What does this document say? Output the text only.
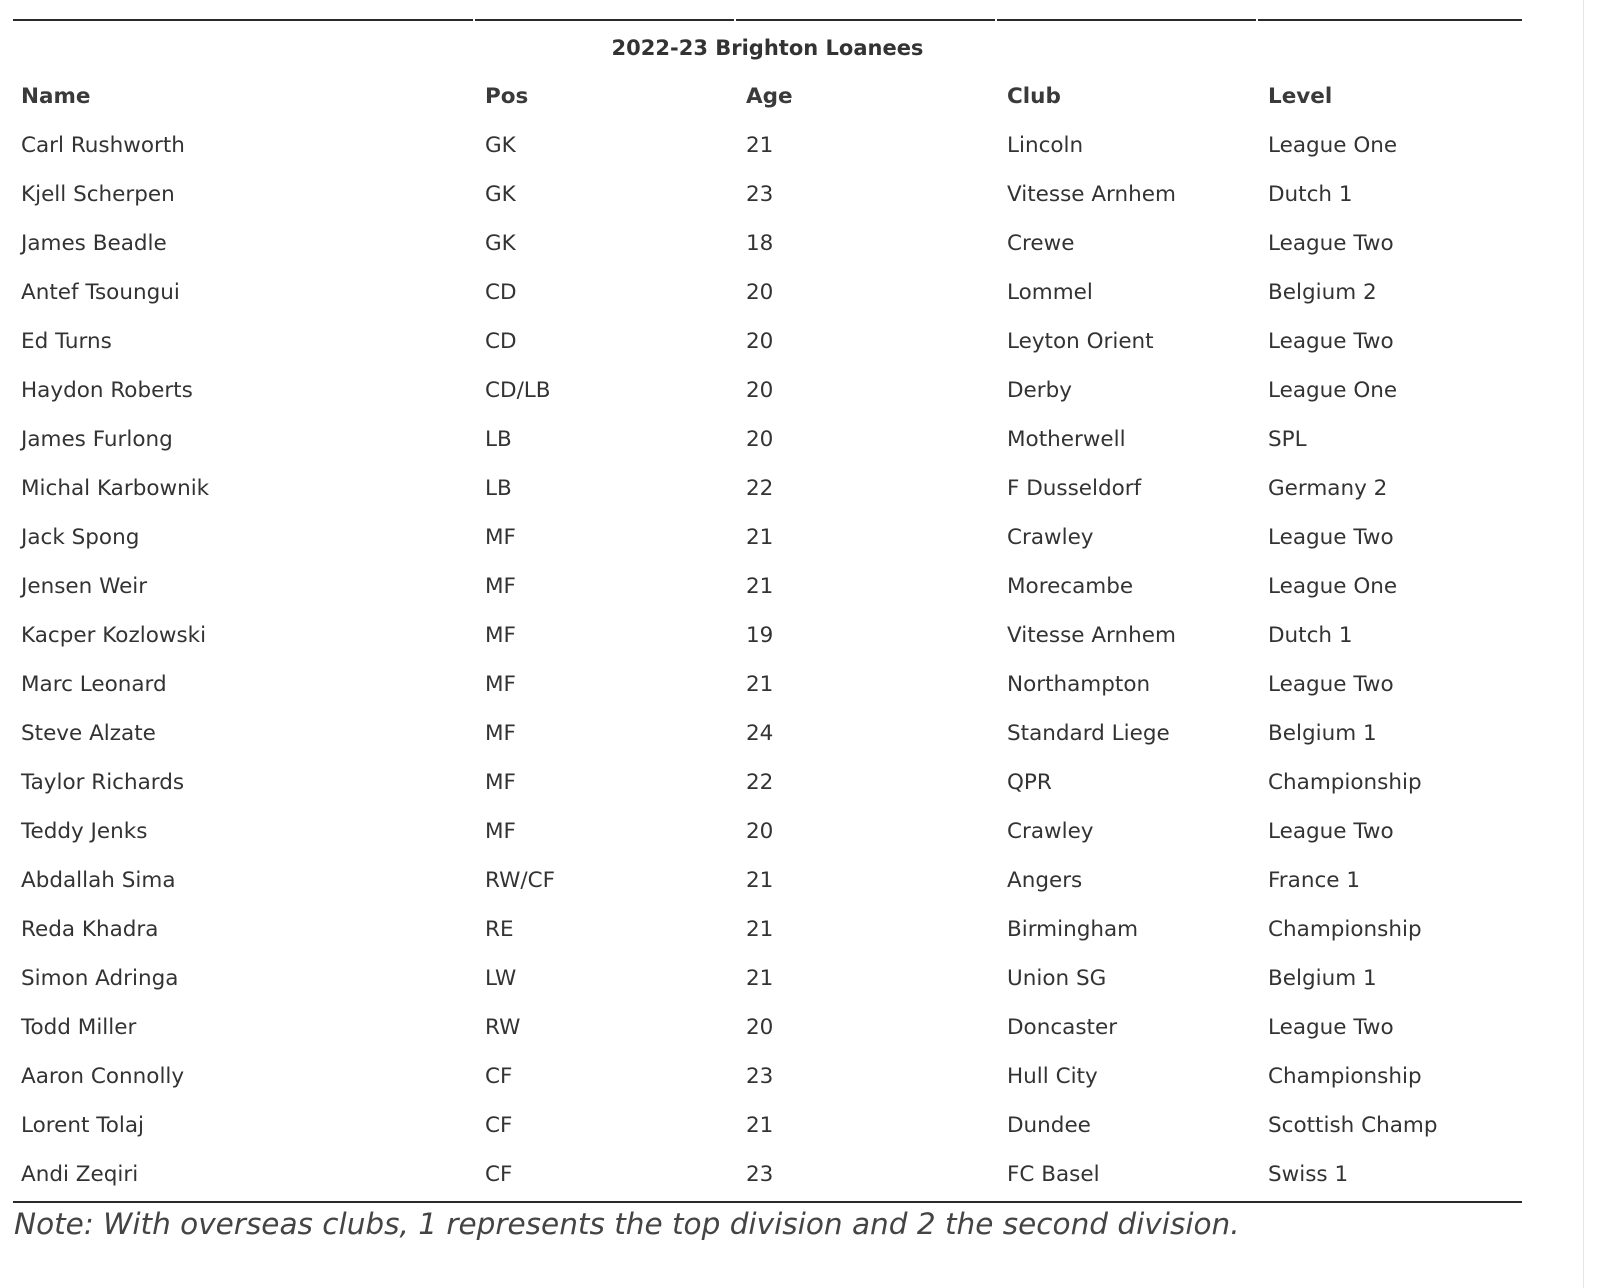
2022-23 Brighton Loanees
Name	Pos	Age	Club	Level
Carl Rushworth	GK	21	Lincoln	League One
Kjell Scherpen	GK	23	Vitesse Arnhem	Dutch 1
James Beadle	GK	18	Crewe	League Two
Antef Tsoungui	CD	20	Lommel	Belgium 2
Ed Turns	CD	20	Leyton Orient	League Two
Haydon Roberts	CD/LB	20	Derby	League One
James Furlong	LB	20	Motherwell	SPL
Michal Karbownik	LB	22	F Dusseldorf	Germany 2
Jack Spong	MF	21	Crawley	League Two
Jensen Weir	MF	21	Morecambe	League One
Kacper Kozlowski	MF	19	Vitesse Arnhem	Dutch 1
Marc Leonard	MF	21	Northampton	League Two
Steve Alzate	MF	24	Standard Liege	Belgium 1
Taylor Richards	MF	22	QPR	Championship
Teddy Jenks	MF	20	Crawley	League Two
Abdallah Sima	RW/CF	21	Angers	France 1
Reda Khadra	RE	21	Birmingham	Championship
Simon Adringa	LW	21	Union SG	Belgium 1
Todd Miller	RW	20	Doncaster	League Two
Aaron Connolly	CF	23	Hull City	Championship
Lorent Tolaj	CF	21	Dundee	Scottish Champ
Andi Zeqiri	CF	23	FC Basel	Swiss 1
Note: With overseas clubs, 1 represents the top division and 2 the second division.
